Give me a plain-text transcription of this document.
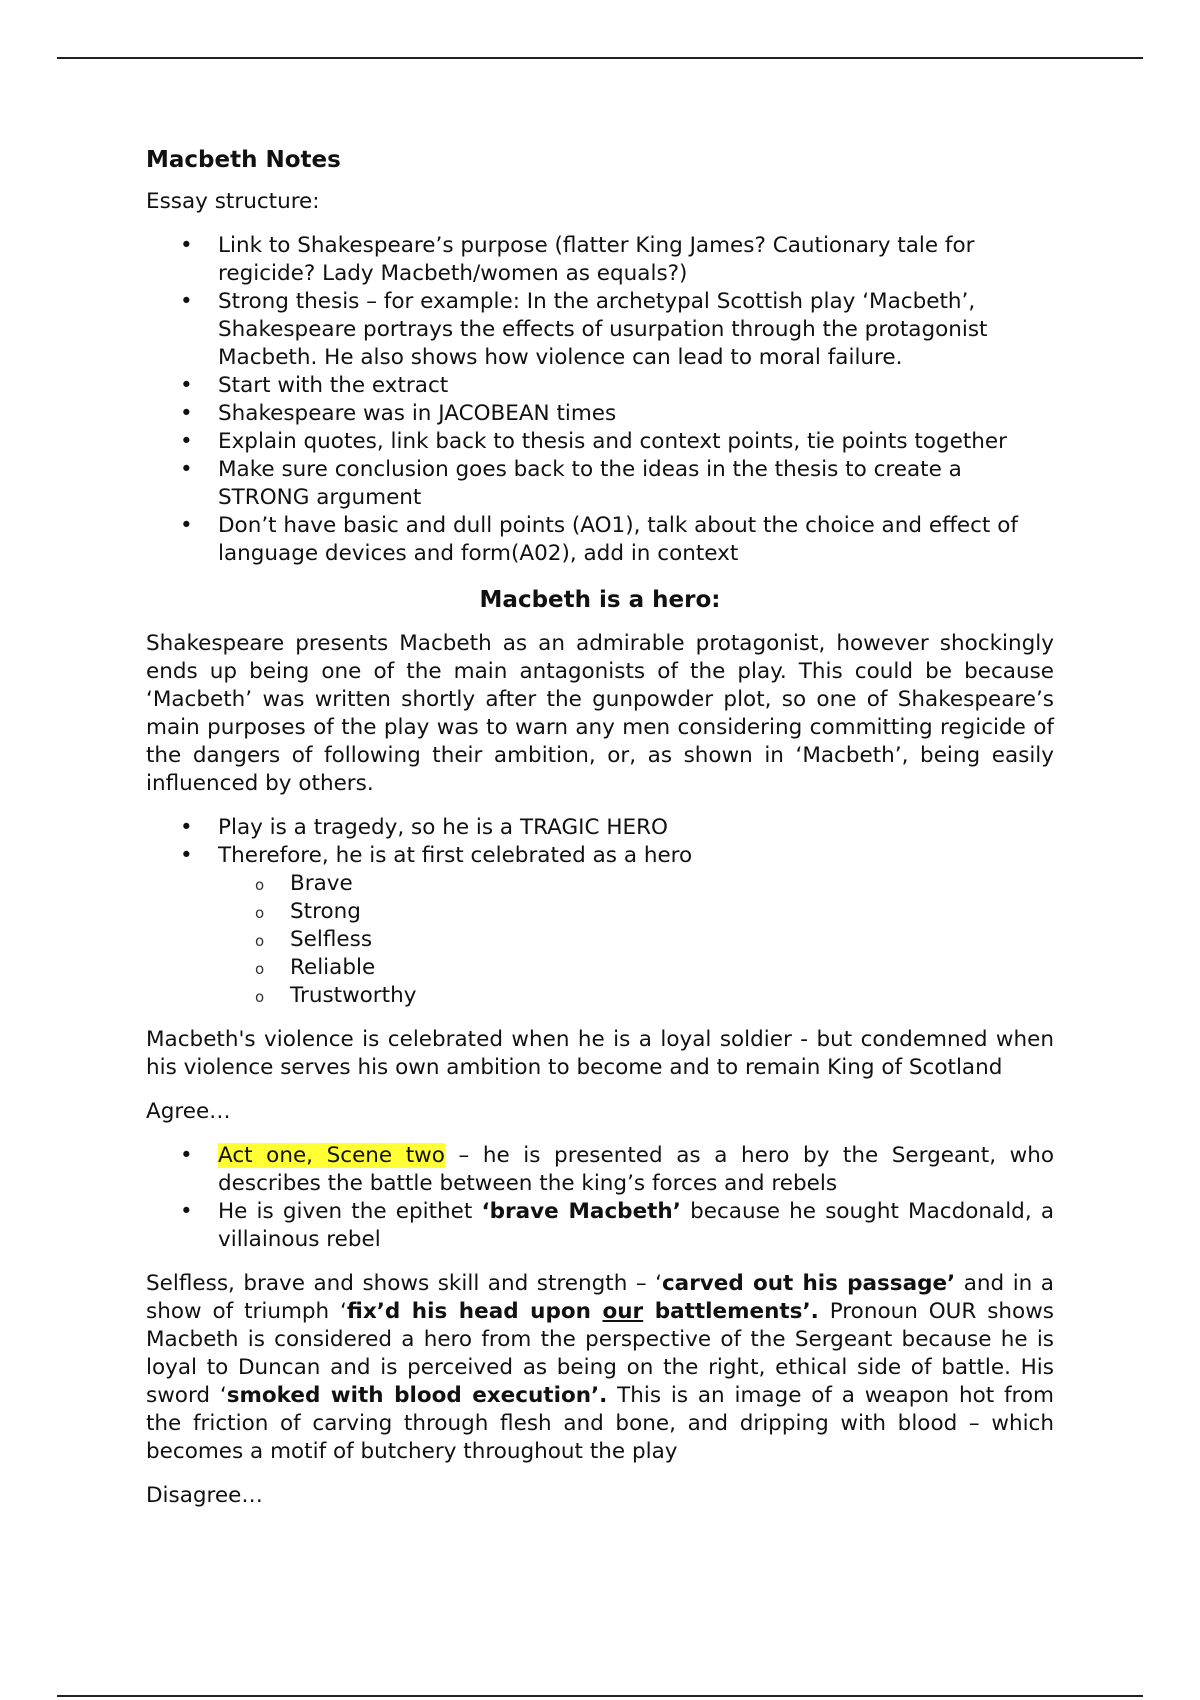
Macbeth Notes

Essay structure:

• Link to Shakespeare’s purpose (flatter King James? Cautionary tale for regicide? Lady Macbeth/women as equals?)
• Strong thesis – for example: In the archetypal Scottish play ‘Macbeth’, Shakespeare portrays the effects of usurpation through the protagonist Macbeth. He also shows how violence can lead to moral failure.
• Start with the extract
• Shakespeare was in JACOBEAN times
• Explain quotes, link back to thesis and context points, tie points together
• Make sure conclusion goes back to the ideas in the thesis to create a STRONG argument
• Don’t have basic and dull points (AO1), talk about the choice and effect of language devices and form(A02), add in context
Macbeth is a hero:

Shakespeare presents Macbeth as an admirable protagonist, however shockingly ends up being one of the main antagonists of the play. This could be because ‘Macbeth’ was written shortly after the gunpowder plot, so one of Shakespeare’s main purposes of the play was to warn any men considering committing regicide of the dangers of following their ambition, or, as shown in ‘Macbeth’, being easily influenced by others.

• Play is a tragedy, so he is a TRAGIC HERO
• Therefore, he is at first celebrated as a hero
o Brave
o Strong
o Selfless
o Reliable
o Trustworthy

Macbeth's violence is celebrated when he is a loyal soldier - but condemned when his violence serves his own ambition to become and to remain King of Scotland

Agree…

• Act one, Scene two – he is presented as a hero by the Sergeant, who describes the battle between the king’s forces and rebels
• He is given the epithet ‘brave Macbeth’ because he sought Macdonald, a villainous rebel

Selfless, brave and shows skill and strength – ‘carved out his passage’ and in a show of triumph ‘fix’d his head upon our battlements’. Pronoun OUR shows Macbeth is considered a hero from the perspective of the Sergeant because he is loyal to Duncan and is perceived as being on the right, ethical side of battle. His sword ‘smoked with blood execution’. This is an image of a weapon hot from the friction of carving through flesh and bone, and dripping with blood – which becomes a motif of butchery throughout the play

Disagree…
